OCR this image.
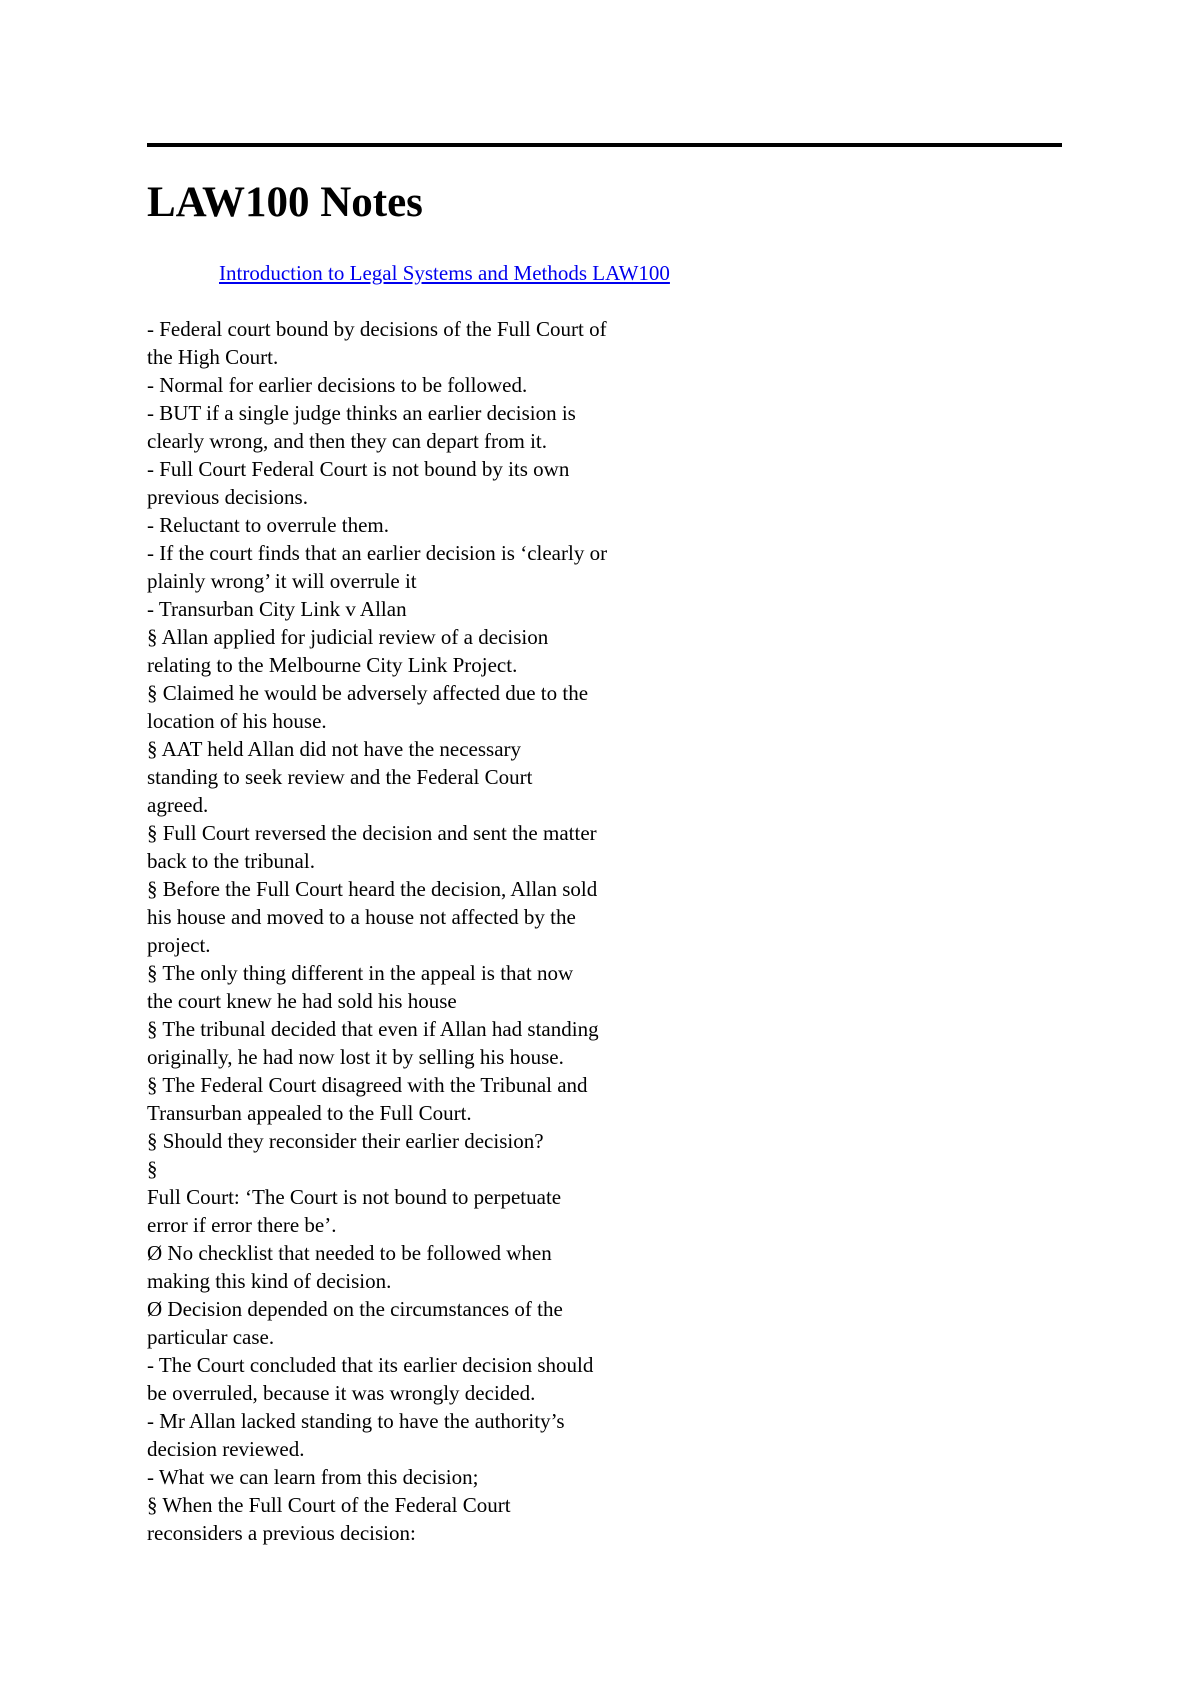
LAW100 Notes
Introduction to Legal Systems and Methods LAW100
- Federal court bound by decisions of the Full Court of
the High Court.
- Normal for earlier decisions to be followed.
- BUT if a single judge thinks an earlier decision is
clearly wrong, and then they can depart from it.
- Full Court Federal Court is not bound by its own
previous decisions.
- Reluctant to overrule them.
- If the court finds that an earlier decision is ‘clearly or
plainly wrong’ it will overrule it
- Transurban City Link v Allan
§ Allan applied for judicial review of a decision
relating to the Melbourne City Link Project.
§ Claimed he would be adversely affected due to the
location of his house.
§ AAT held Allan did not have the necessary
standing to seek review and the Federal Court
agreed.
§ Full Court reversed the decision and sent the matter
back to the tribunal.
§ Before the Full Court heard the decision, Allan sold
his house and moved to a house not affected by the
project.
§ The only thing different in the appeal is that now
the court knew he had sold his house
§ The tribunal decided that even if Allan had standing
originally, he had now lost it by selling his house.
§ The Federal Court disagreed with the Tribunal and
Transurban appealed to the Full Court.
§ Should they reconsider their earlier decision?
§
Full Court: ‘The Court is not bound to perpetuate
error if error there be’.
Ø No checklist that needed to be followed when
making this kind of decision.
Ø Decision depended on the circumstances of the
particular case.
- The Court concluded that its earlier decision should
be overruled, because it was wrongly decided.
- Mr Allan lacked standing to have the authority’s
decision reviewed.
- What we can learn from this decision;
§ When the Full Court of the Federal Court
reconsiders a previous decision:
